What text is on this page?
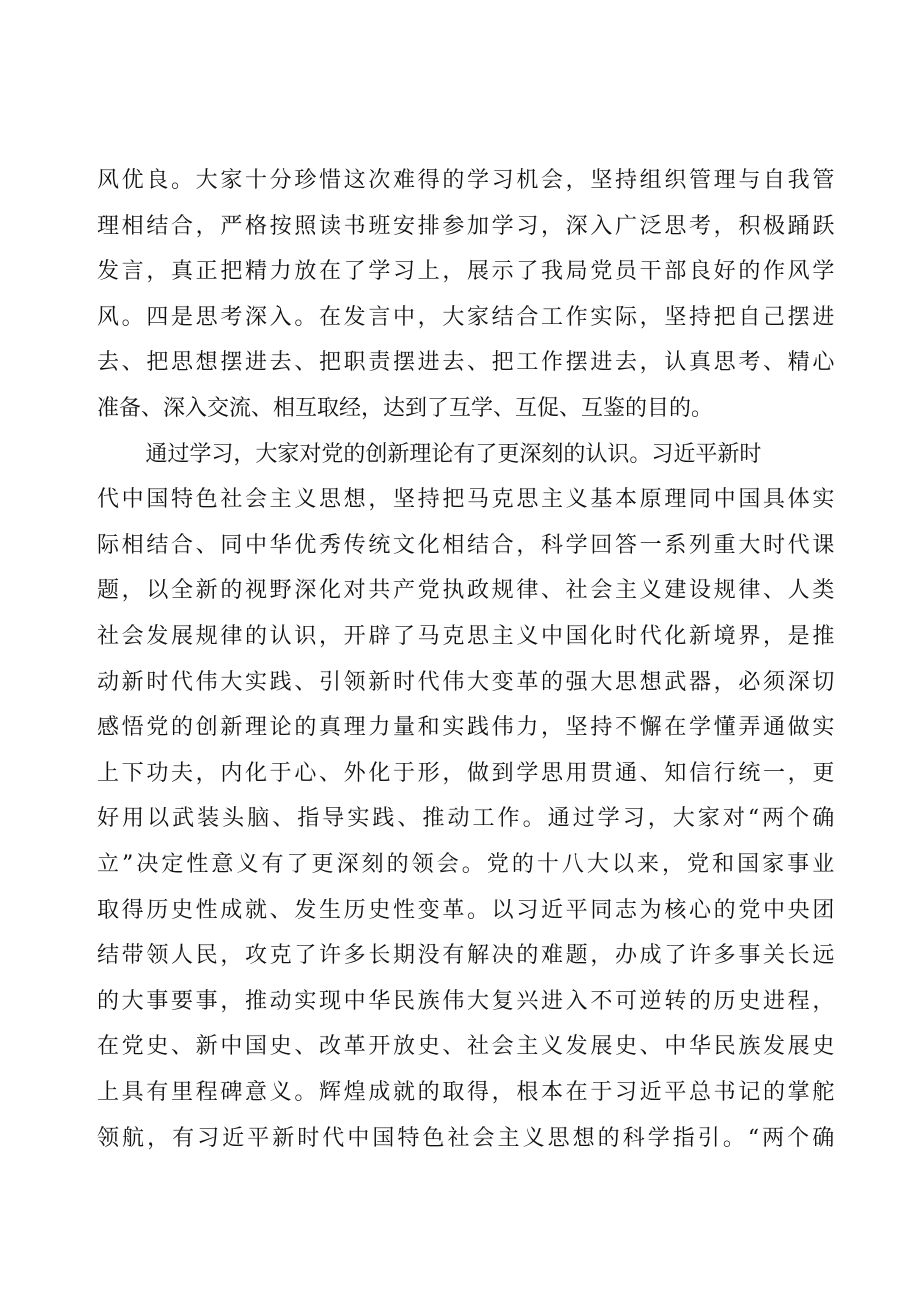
风优良。大家十分珍惜这次难得的学习机会，坚持组织管理与自我管
理相结合，严格按照读书班安排参加学习，深入广泛思考，积极踊跃
发言，真正把精力放在了学习上，展示了我局党员干部良好的作风学
风。四是思考深入。在发言中，大家结合工作实际，坚持把自己摆进
去、把思想摆进去、把职责摆进去、把工作摆进去，认真思考、精心
准备、深入交流、相互取经，达到了互学、互促、互鉴的目的。
通过学习，大家对党的创新理论有了更深刻的认识。习近平新时
代中国特色社会主义思想，坚持把马克思主义基本原理同中国具体实
际相结合、同中华优秀传统文化相结合，科学回答一系列重大时代课
题，以全新的视野深化对共产党执政规律、社会主义建设规律、人类
社会发展规律的认识，开辟了马克思主义中国化时代化新境界，是推
动新时代伟大实践、引领新时代伟大变革的强大思想武器，必须深切
感悟党的创新理论的真理力量和实践伟力，坚持不懈在学懂弄通做实
上下功夫，内化于心、外化于形，做到学思用贯通、知信行统一，更
好用以武装头脑、指导实践、推动工作。通过学习，大家对“两个确
立”决定性意义有了更深刻的领会。党的十八大以来，党和国家事业
取得历史性成就、发生历史性变革。以习近平同志为核心的党中央团
结带领人民，攻克了许多长期没有解决的难题，办成了许多事关长远
的大事要事，推动实现中华民族伟大复兴进入不可逆转的历史进程，
在党史、新中国史、改革开放史、社会主义发展史、中华民族发展史
上具有里程碑意义。辉煌成就的取得，根本在于习近平总书记的掌舵
领航，有习近平新时代中国特色社会主义思想的科学指引。“两个确
